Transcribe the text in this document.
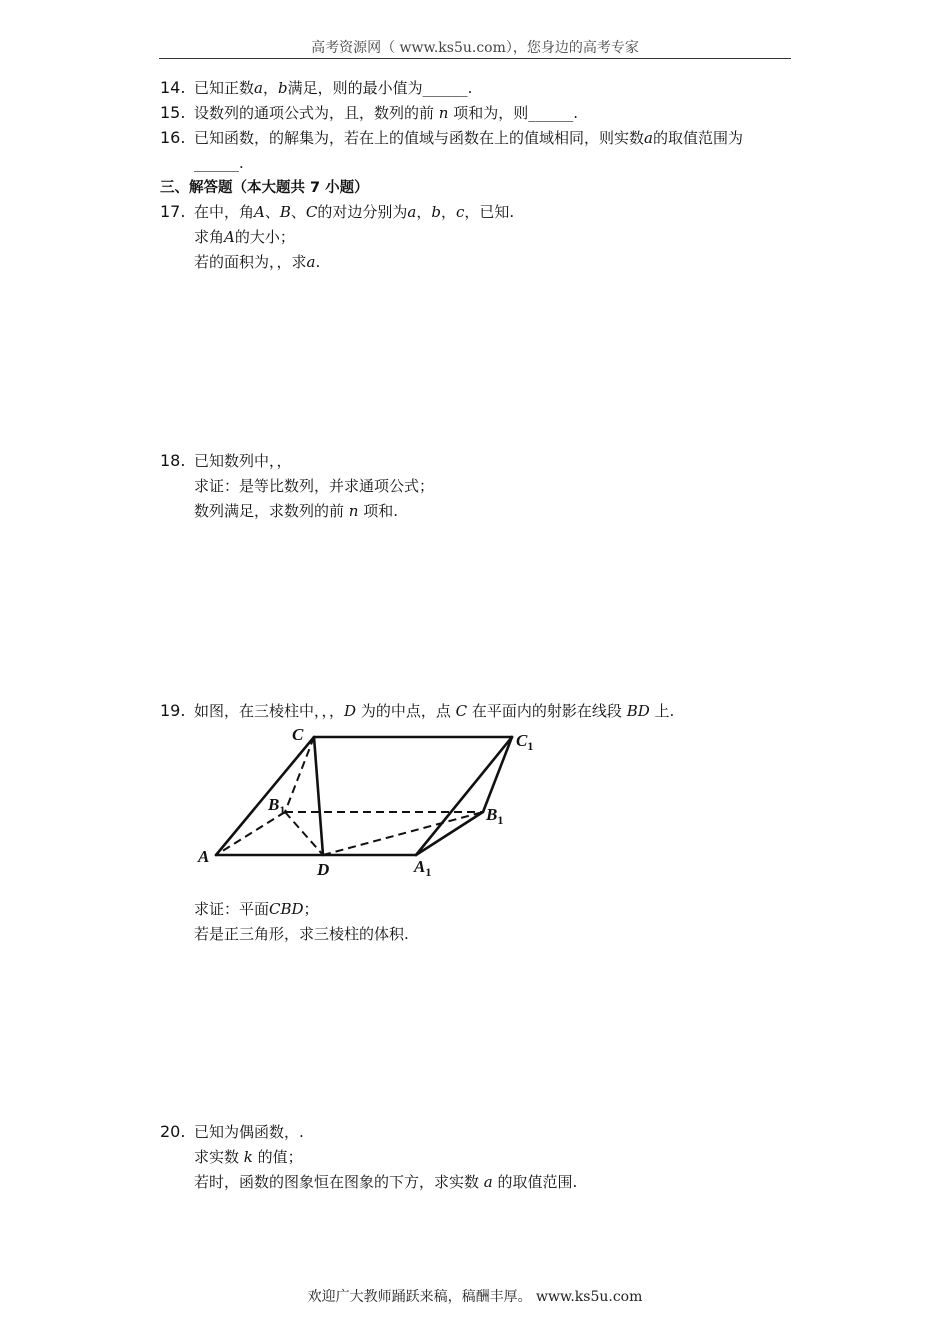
高考资源网（ www.ks5u.com），您身边的高考专家
14. 已知正数a，b满足，则的最小值为______.
15. 设数列的通项公式为，且，数列的前 n 项和为，则______.
16. 已知函数，的解集为，若在上的值域与函数在上的值域相同，则实数a的取值范围为
______.
三、解答题（本大题共 7 小题）
17. 在中，角A、B、C的对边分别为a，b，c，已知.
求角A的大小；
若的面积为，，求a.
18. 已知数列中，，
求证：是等比数列，并求通项公式；
数列满足，求数列的前 n 项和.
19. 如图，在三棱柱中，，，D 为的中点，点 C 在平面内的射影在线段 BD 上.
C	$C_1$
$B_1$	$B_1$
A
D	$A_1$
求证：平面CBD；
若是正三角形，求三棱柱的体积.
20. 已知为偶函数，.
求实数 k 的值；
若时，函数的图象恒在图象的下方，求实数 a 的取值范围.
欢迎广大教师踊跃来稿，稿酬丰厚。 www.ks5u.com
